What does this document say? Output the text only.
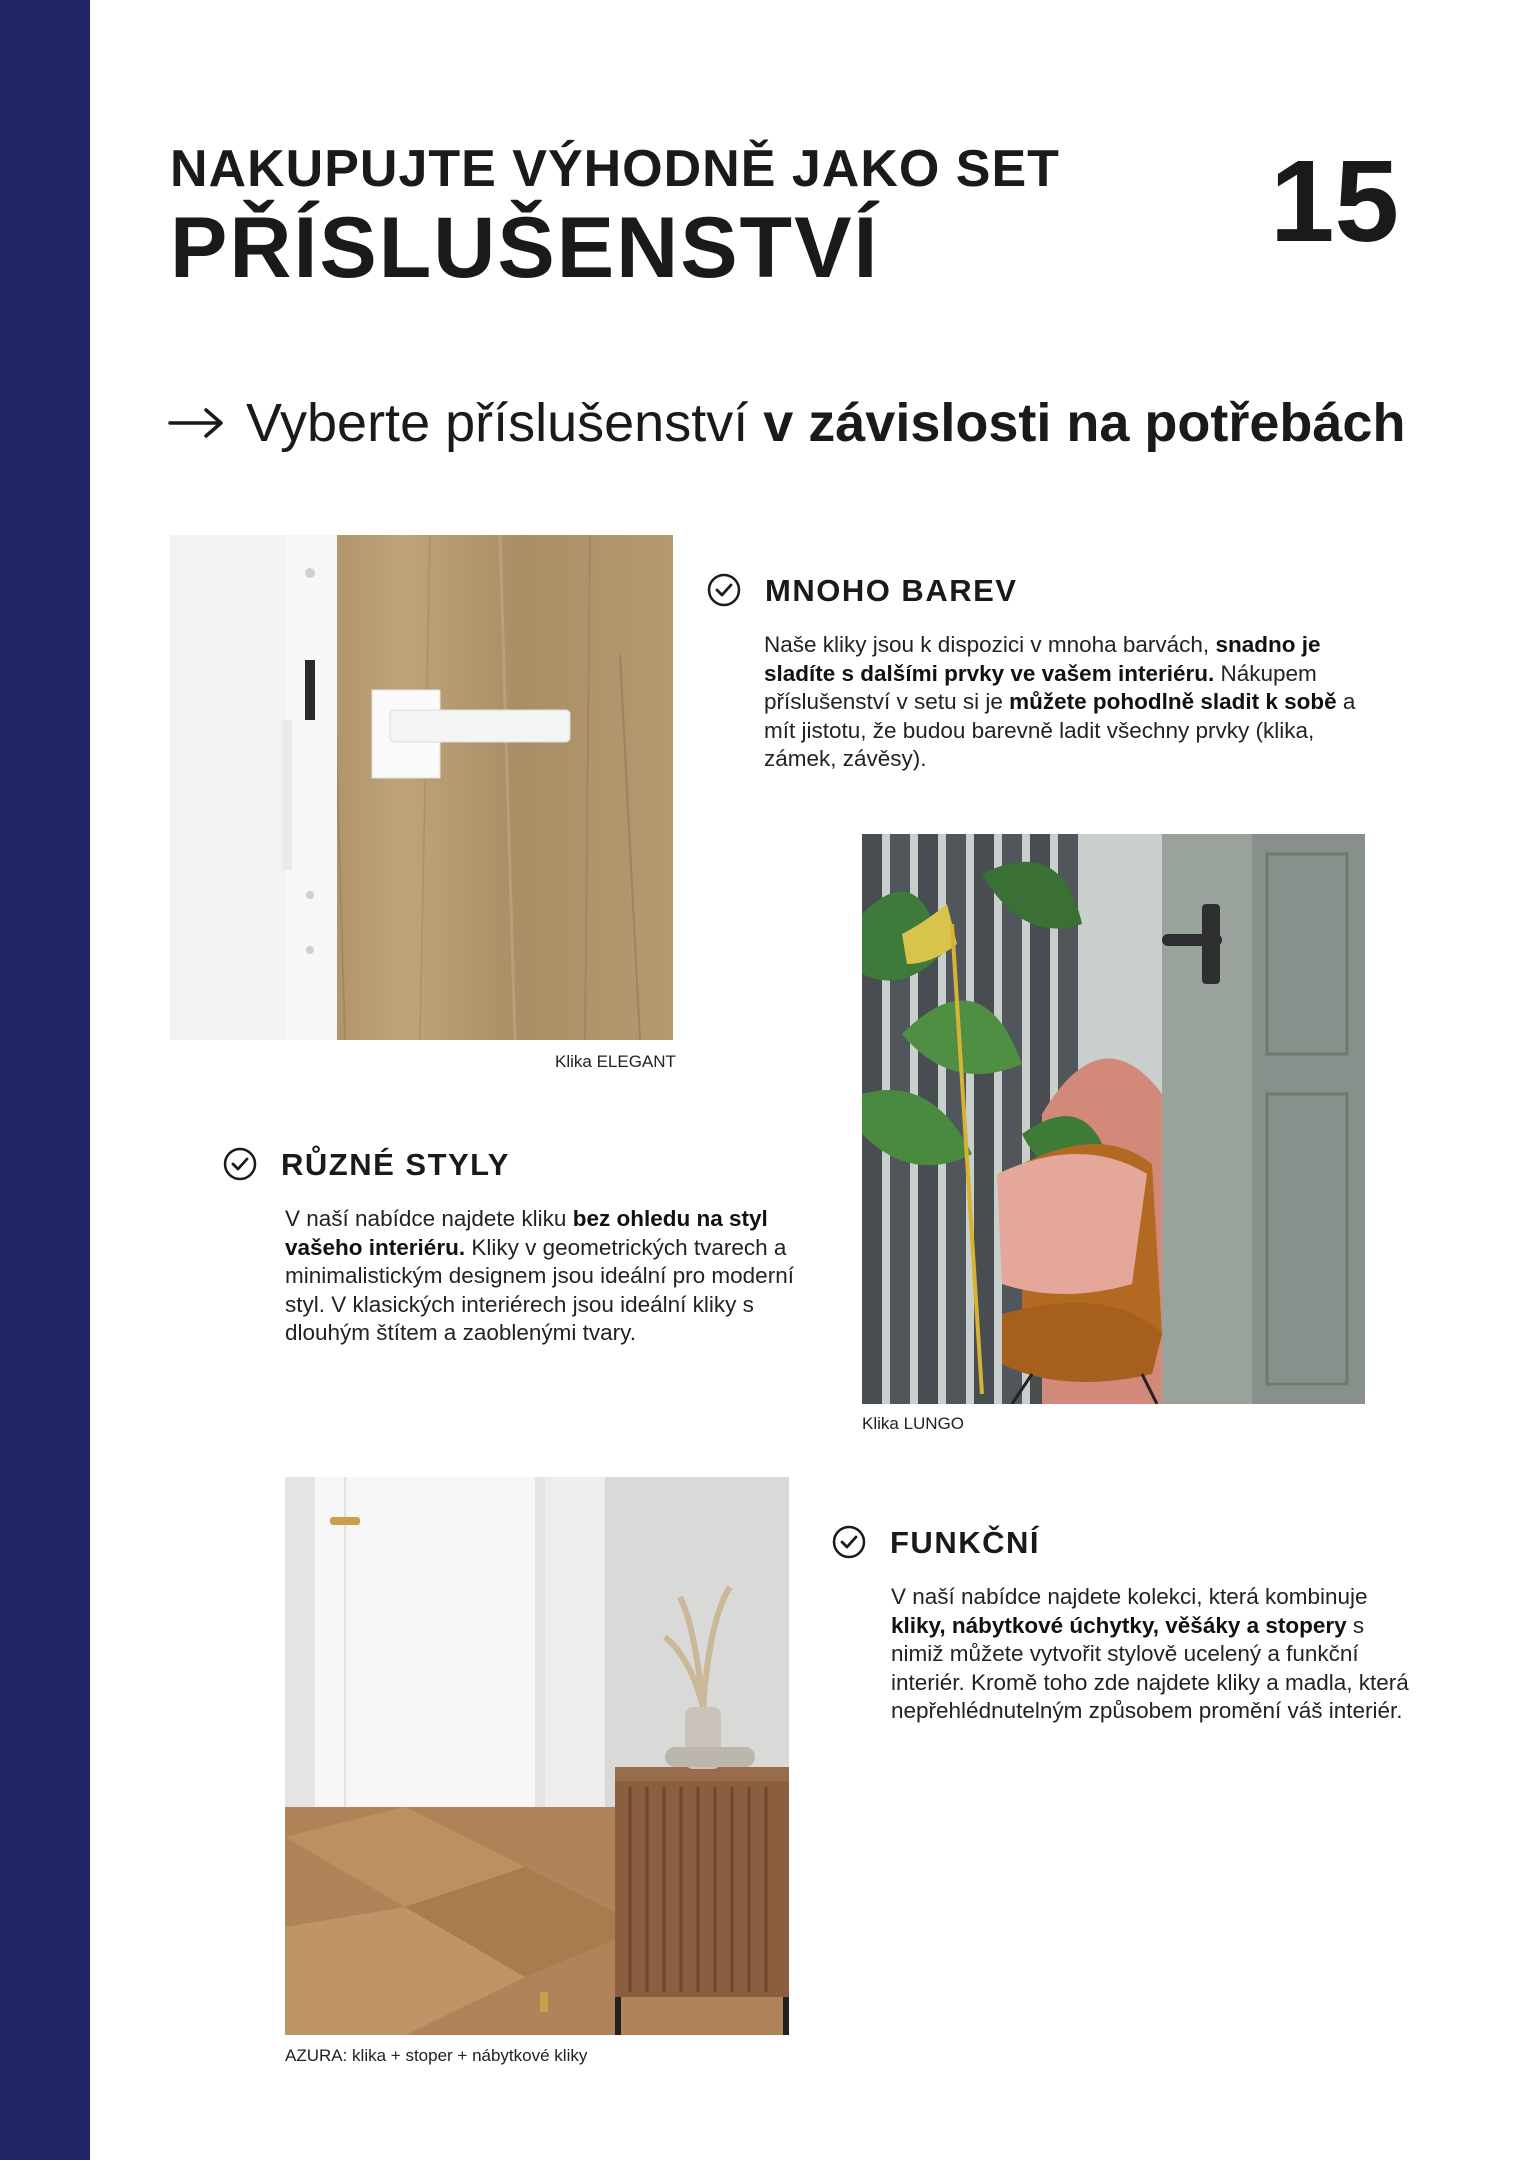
NAKUPUJTE VÝHODNĚ JAKO SET
PŘÍSLUŠENSTVÍ	15
Vyberte příslušenství v závislosti na potřebách
Klika ELEGANT
MNOHO BAREV
Naše kliky jsou k dispozici v mnoha barvách, snadno je sladíte s dalšími prvky ve vašem interiéru. Nákupem příslušenství v setu si je můžete pohodlně sladit k sobě a mít jistotu, že budou barevně ladit všechny prvky (klika, zámek, závěsy).
Klika LUNGO
RŮZNÉ STYLY
V naší nabídce najdete kliku bez ohledu na styl vašeho interiéru. Kliky v geometrických tvarech a minimalistickým designem jsou ideální pro moderní styl. V klasických interiérech jsou ideální kliky s dlouhým štítem a zaoblenými tvary.
AZURA: klika + stoper + nábytkové kliky
FUNKČNÍ
V naší nabídce najdete kolekci, která kombinuje kliky, nábytkové úchytky, věšáky a stopery s nimiž můžete vytvořit stylově ucelený a funkční interiér. Kromě toho zde najdete kliky a madla, která nepřehlédnutelným způsobem promění váš interiér.
